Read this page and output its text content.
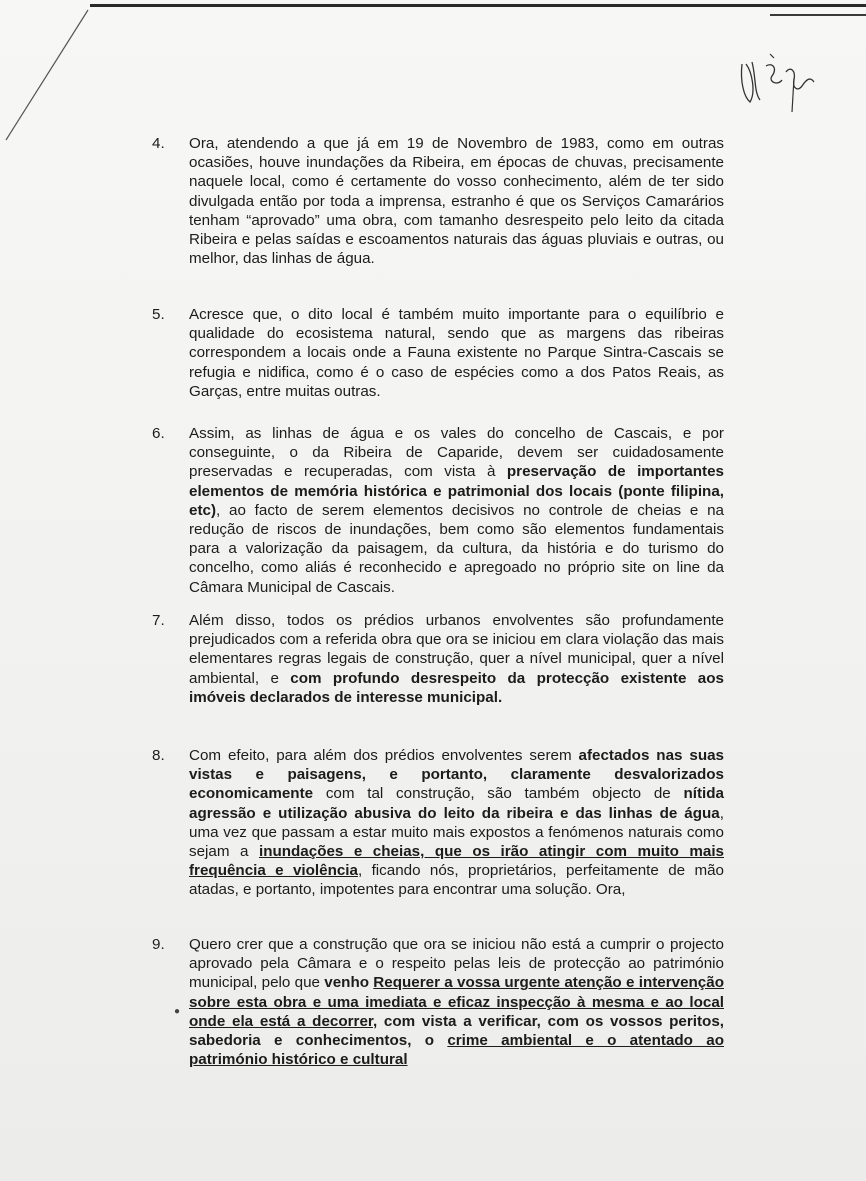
4.	Ora, atendendo a que já em 19 de Novembro de 1983, como em outras ocasiões, houve inundações da Ribeira, em épocas de chuvas, precisamente naquele local, como é certamente do vosso conhecimento, além de ter sido divulgada então por toda a imprensa, estranho é que os Serviços Camarários tenham “aprovado” uma obra, com tamanho desrespeito pelo leito da citada Ribeira e pelas saídas e escoamentos naturais das águas pluviais e outras, ou melhor, das linhas de água.
5.	Acresce que, o dito local é também muito importante para o equilíbrio e qualidade do ecosistema natural, sendo que as margens das ribeiras correspondem a locais onde a Fauna existente no Parque Sintra-Cascais se refugia e nidifica, como é o caso de espécies como a dos Patos Reais, as Garças, entre muitas outras.
6.	Assim, as linhas de água e os vales do concelho de Cascais, e por conseguinte, o da Ribeira de Caparide, devem ser cuidadosamente preservadas e recuperadas, com vista à preservação de importantes elementos de memória histórica e patrimonial dos locais (ponte filipina, etc), ao facto de serem elementos decisivos no controle de cheias e na redução de riscos de inundações, bem como são elementos fundamentais para a valorização da paisagem, da cultura, da história e do turismo do concelho, como aliás é reconhecido e apregoado no próprio site on line da Câmara Municipal de Cascais.
7.	Além disso, todos os prédios urbanos envolventes são profundamente prejudicados com a referida obra que ora se iniciou em clara violação das mais elementares regras legais de construção, quer a nível municipal, quer a nível ambiental, e com profundo desrespeito da protecção existente aos imóveis declarados de interesse municipal.
8.	Com efeito, para além dos prédios envolventes serem afectados nas suas vistas e paisagens, e portanto, claramente desvalorizados economicamente com tal construção, são também objecto de nítida agressão e utilização abusiva do leito da ribeira e das linhas de água, uma vez que passam a estar muito mais expostos a fenómenos naturais como sejam a inundações e cheias, que os irão atingir com muito mais frequência e violência, ficando nós, proprietários, perfeitamente de mão atadas, e portanto, impotentes para encontrar uma solução. Ora,
9.	Quero crer que a construção que ora se iniciou não está a cumprir o projecto aprovado pela Câmara e o respeito pelas leis de protecção ao património municipal, pelo que venho Requerer a vossa urgente atenção e intervenção sobre esta obra e uma imediata e eficaz inspecção à mesma e ao local onde ela está a decorrer, com vista a verificar, com os vossos peritos, sabedoria e conhecimentos, o crime ambiental e o atentado ao património histórico e cultural
●
